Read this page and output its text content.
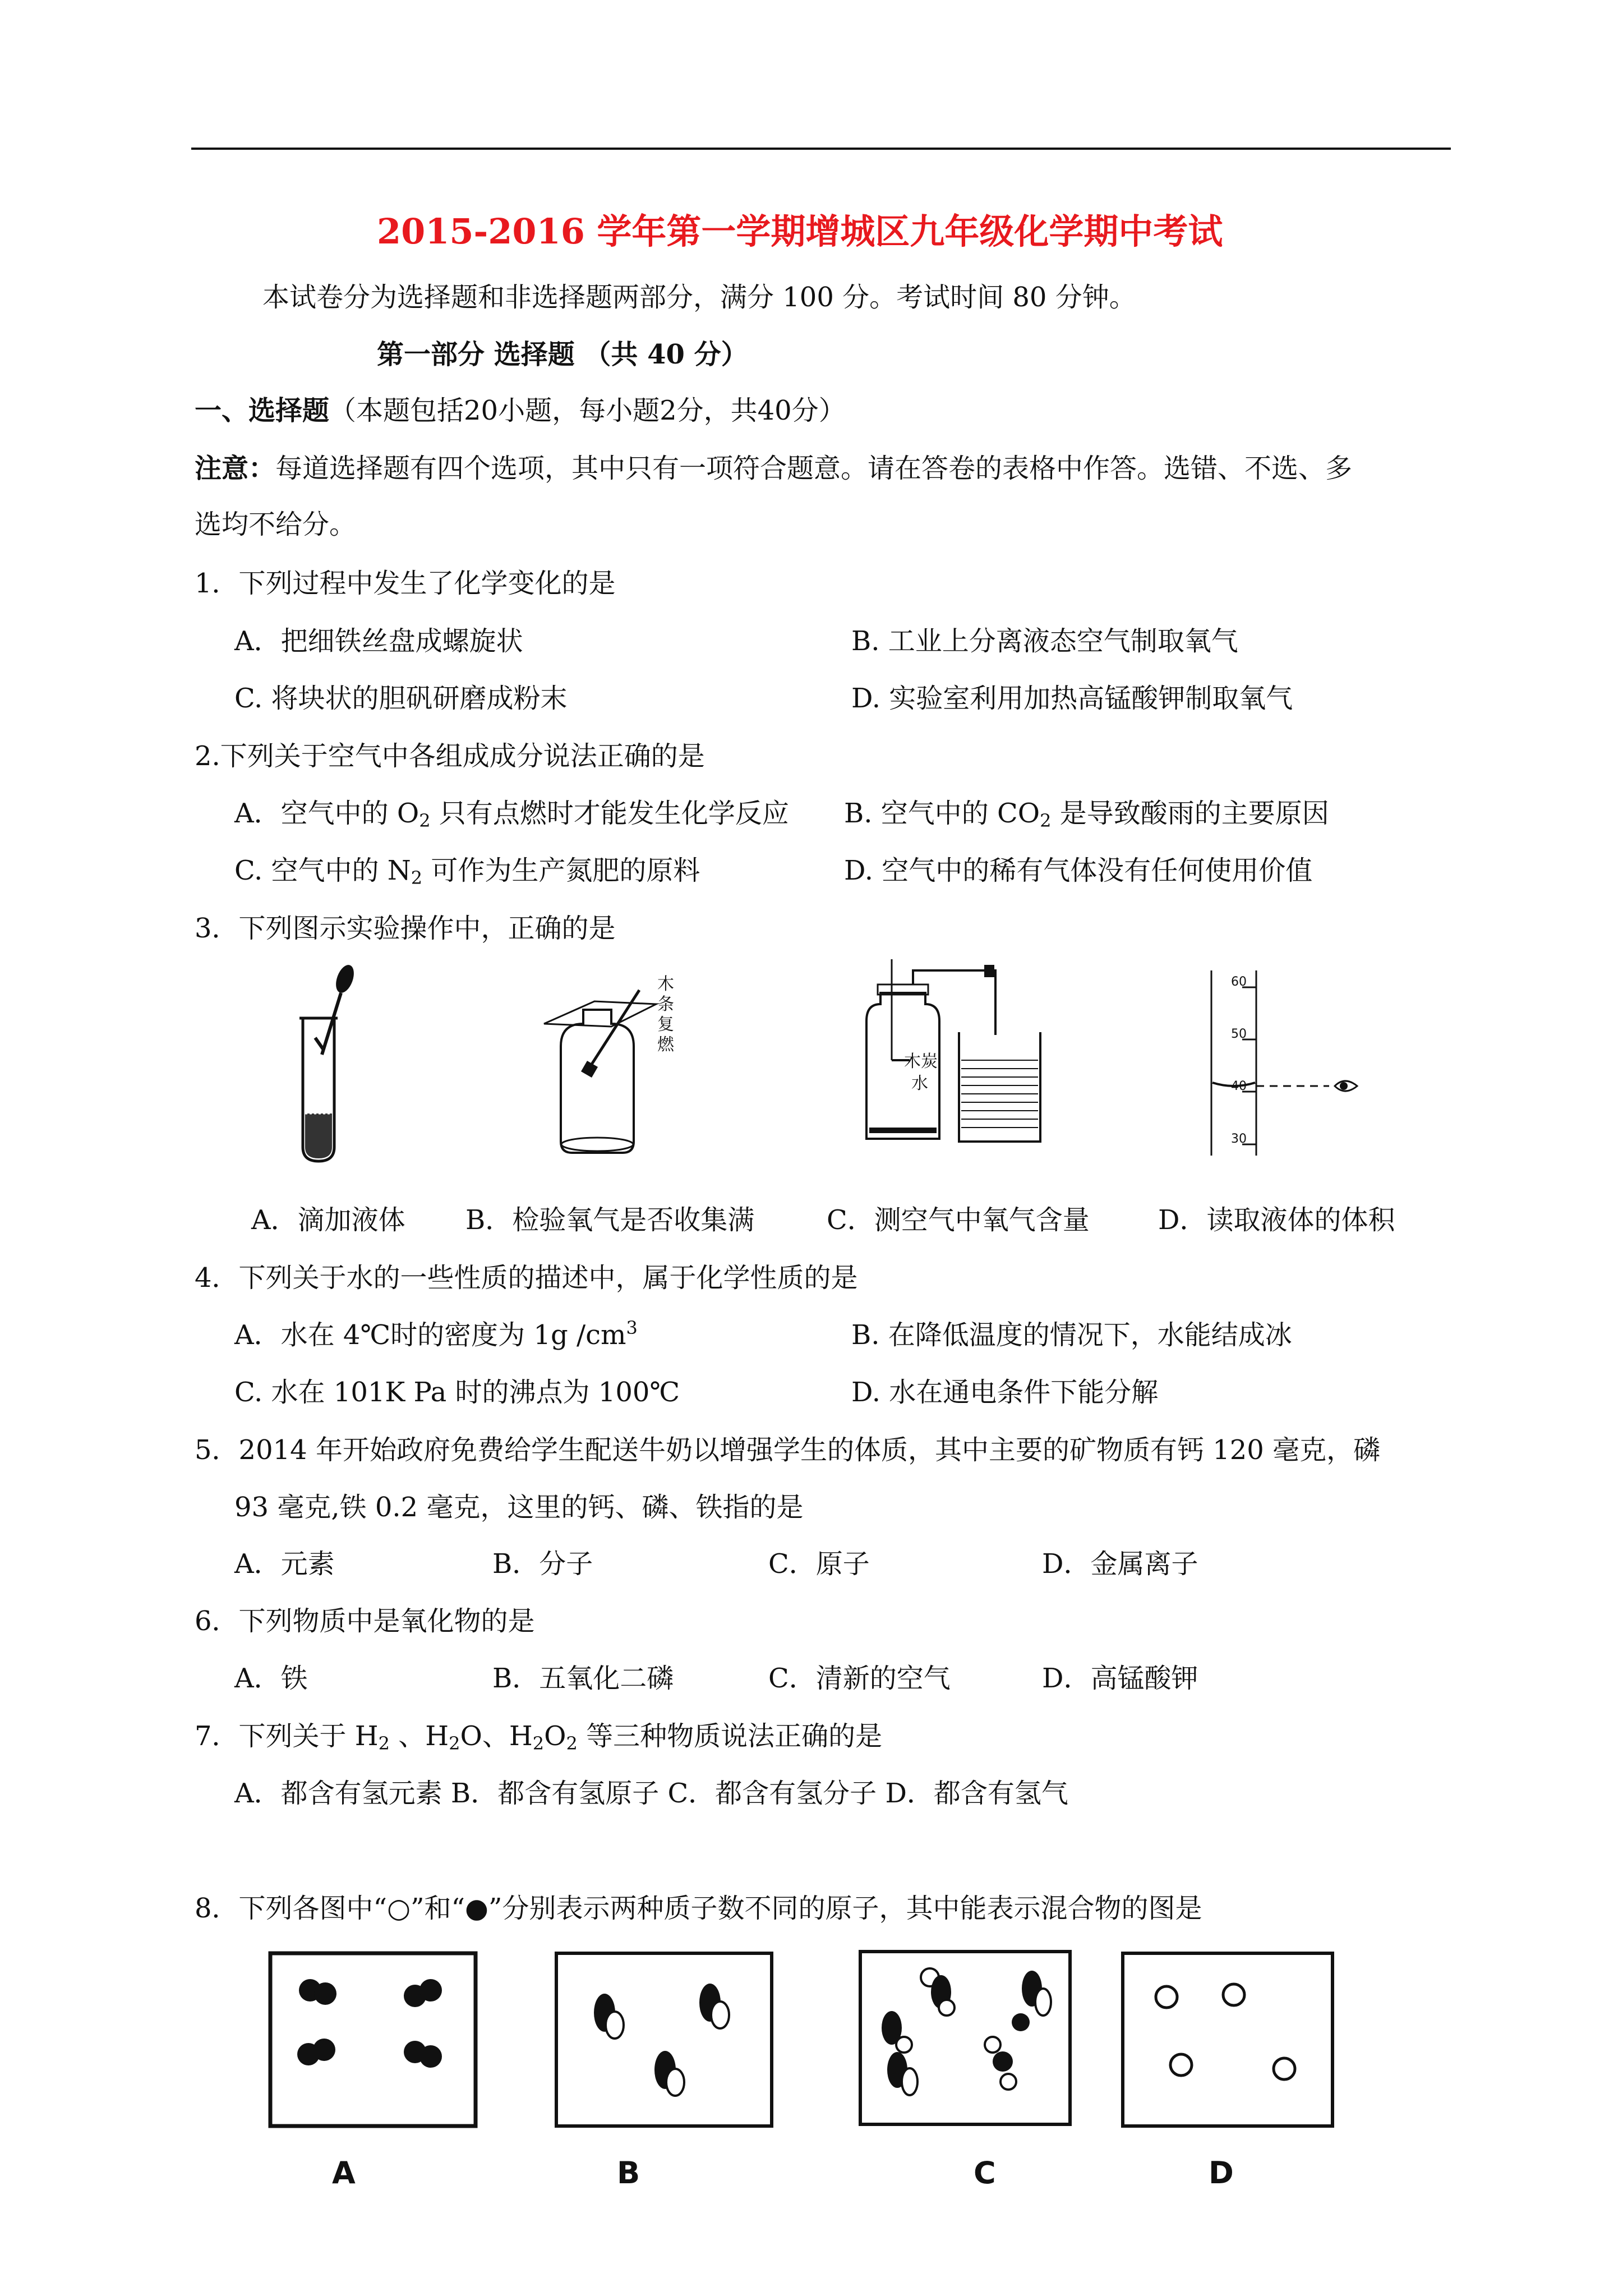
2015-2016 学年第一学期增城区九年级化学期中考试
本试卷分为选择题和非选择题两部分，满分 100 分。考试时间 80 分钟。
第一部分 选择题 （共 40 分）
一、选择题（本题包括20小题，每小题2分，共40分）
注意：每道选择题有四个选项，其中只有一项符合题意。请在答卷的表格中作答。选错、不选、多
选均不给分。
1．下列过程中发生了化学变化的是
A．把细铁丝盘成螺旋状	B. 工业上分离液态空气制取氧气
C. 将块状的胆矾研磨成粉末	D. 实验室利用加热高锰酸钾制取氧气
2.下列关于空气中各组成成分说法正确的是
A．空气中的 $O_2$ 只有点燃时才能发生化学反应 B. 空气中的 $CO_2$ 是导致酸雨的主要原因
C. 空气中的 $N_2$ 可作为生产氮肥的原料	D. 空气中的稀有气体没有任何使用价值
3．下列图示实验操作中，正确的是
木
条
复
燃
木炭
水
60
50
40
30
A．滴加液体 B．检验氧气是否收集满	C．测空气中氧气含量	D．读取液体的体积
4．下列关于水的一些性质的描述中，属于化学性质的是
A．水在 4℃时的密度为 1g $/cm^3$	B. 在降低温度的情况下，水能结成冰
C. 水在 101K Pa 时的沸点为 100℃	D. 水在通电条件下能分解
5．2014 年开始政府免费给学生配送牛奶以增强学生的体质，其中主要的矿物质有钙 120 毫克，磷
93 毫克,铁 0.2 毫克，这里的钙、磷、铁指的是
A．元素	B．分子	C．原子	D．金属离子
6．下列物质中是氧化物的是
A．铁	B．五氧化二磷	C．清新的空气	D．高锰酸钾
7．下列关于 $H_2$ 、$H_2O$、$H_2O_2$ 等三种物质说法正确的是
A．都含有氢元素 B．都含有氢原子 C．都含有氢分子 D．都含有氢气
8．下列各图中“○”和“●”分别表示两种质子数不同的原子，其中能表示混合物的图是
A	B	C	D
